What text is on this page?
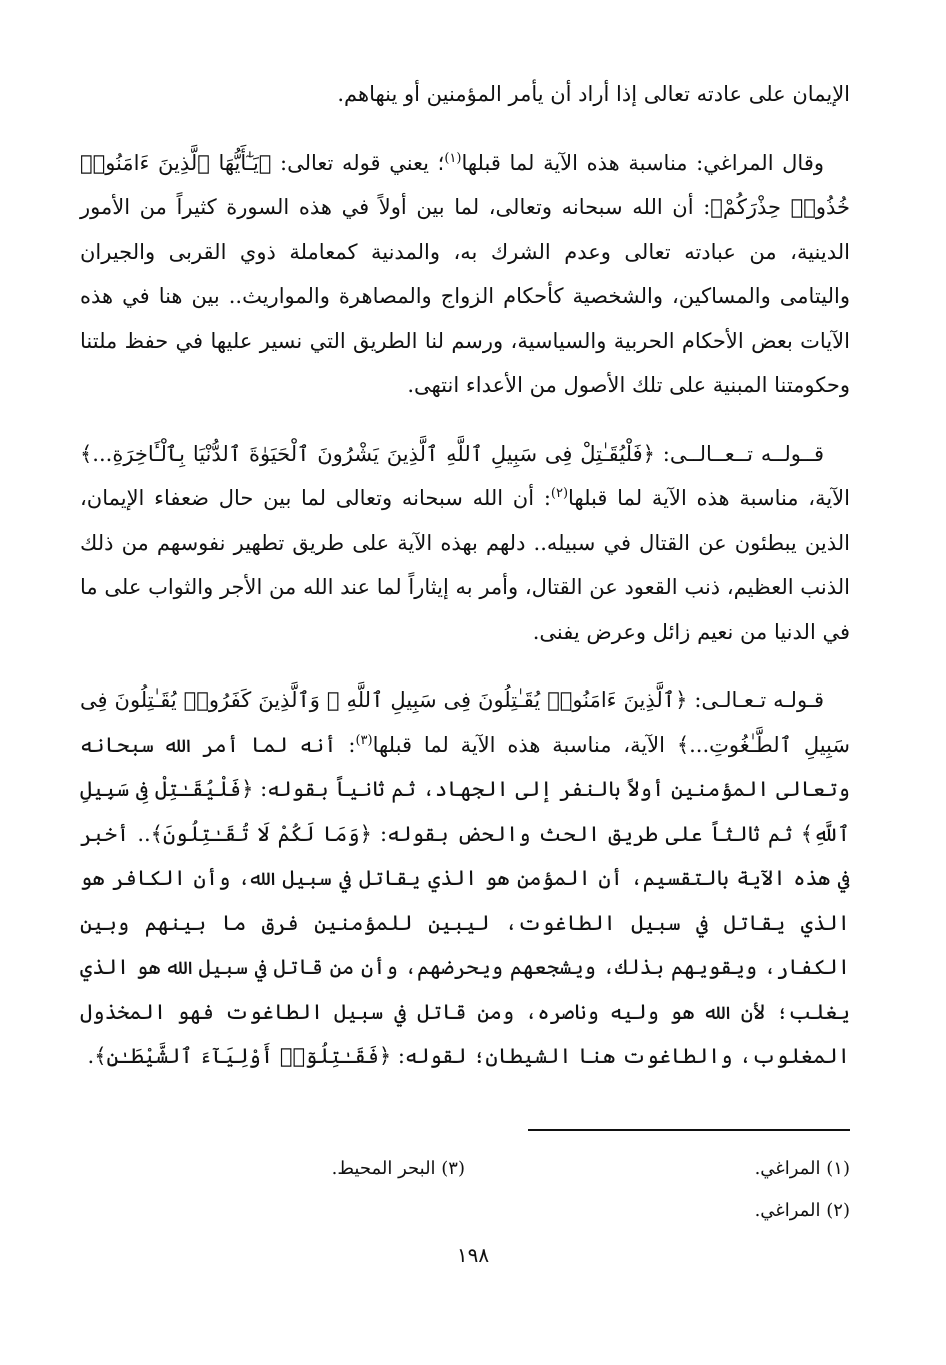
الإيمان على عادته تعالى إذا أراد أن يأمر المؤمنين أو ينهاهم.

وقال المراغي: مناسبة هذه الآية لما قبلها$^{(١)}$؛ يعني قوله تعالى: ﴿يَـٰٓأَيُّهَا ٱلَّذِينَ ءَامَنُوا۟ خُذُوا۟ حِذْرَكُمْ﴾: أن الله سبحانه وتعالى، لما بين أولاً في هذه السورة كثيراً من الأمور الدينية، من عبادته تعالى وعدم الشرك به، والمدنية كمعاملة ذوي القربى والجيران واليتامى والمساكين، والشخصية كأحكام الزواج والمصاهرة والمواريث.. بين هنا في هذه الآيات بعض الأحكام الحربية والسياسية، ورسم لنا الطريق التي نسير عليها في حفظ ملتنا وحكومتنا المبنية على تلك الأصول من الأعداء انتهى.

قــولــه تــعــالــى: ﴿فَلْيُقَـٰتِلْ فِى سَبِيلِ ٱللَّهِ ٱلَّذِينَ يَشْرُونَ ٱلْحَيَوٰةَ ٱلدُّنْيَا بِٱلْـَٔاخِرَةِ...﴾ الآية، مناسبة هذه الآية لما قبلها$^{(٢)}$: أن الله سبحانه وتعالى لما بين حال ضعفاء الإيمان، الذين يبطئون عن القتال في سبيله.. دلهم بهذه الآية على طريق تطهير نفوسهم من ذلك الذنب العظيم، ذنب القعود عن القتال، وأمر به إيثاراً لما عند الله من الأجر والثواب على ما في الدنيا من نعيم زائل وعرض يفنى.

قـولـه تـعـالـى: ﴿ٱلَّذِينَ ءَامَنُوا۟ يُقَـٰتِلُونَ فِى سَبِيلِ ٱللَّهِ ۖ وَٱلَّذِينَ كَفَرُوا۟ يُقَـٰتِلُونَ فِى سَبِيلِ ٱلطَّـٰغُوتِ...﴾ الآية، مناسبة هذه الآية لما قبلها$^{(٣)}$: أنه لما أمر الله سبحانه وتعالى المؤمنين أولاً بالنفر إلى الجهاد، ثم ثانياً بقوله: ﴿فَلْيُقَـٰتِلْ فِى سَبِيلِ ٱللَّهِ﴾ ثم ثالثاً على طريق الحث والحض بقوله: ﴿وَمَا لَكُمْ لَا تُقَـٰتِلُونَ﴾.. أخبر في هذه الآية بالتقسيم، أن المؤمن هو الذي يقاتل في سبيل الله، وأن الكافر هو الذي يقاتل في سبيل الطاغوت، ليبين للمؤمنين فرق ما بينهم وبين الكفار، ويقويهم بذلك، ويشجعهم ويحرضهم، وأن من قاتل في سبيل الله هو الذي يغلب؛ لأن الله هو وليه وناصره، ومن قاتل في سبيل الطاغوت فهو المخذول المغلوب، والطاغوت هنا الشيطان؛ لقوله: ﴿فَقَـٰتِلُوٓا۟ أَوْلِيَآءَ ٱلشَّيْطَـٰنِ﴾.

(١) المراغي.
(٣) البحر المحيط.
(٢) المراغي.
١٩٨
